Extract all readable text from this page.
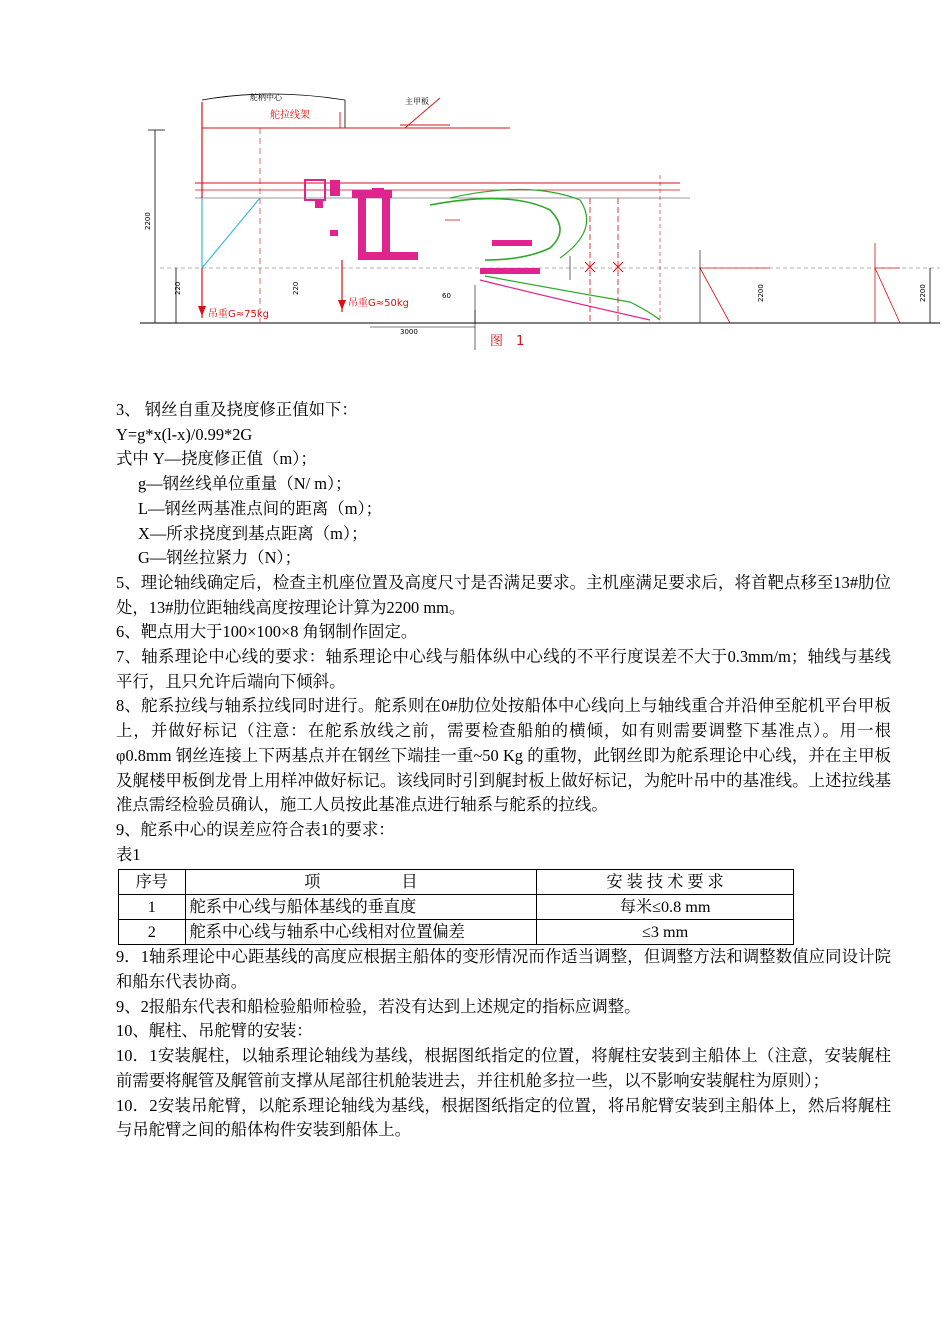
2200
吊重G≈75kg
220
舵柄中心
舵拉线架
主甲板
吊重G≈50kg
220	2200	2200
3000
60
图　1

3、 钢丝自重及挠度修正值如下：

Y=g*x(l-x)/0.99*2G

式中 Y—挠度修正值（m）；

g—钢丝线单位重量（N/ m）；

L—钢丝两基准点间的距离（m）；

X—所求挠度到基点距离（m）；

G—钢丝拉紧力（N）；

5、理论轴线确定后，检查主机座位置及高度尺寸是否满足要求。主机座满足要求后，将首靶点移至13#肋位处，13#肋位距轴线高度按理论计算为2200 mm。

6、靶点用大于100×100×8 角钢制作固定。

7、轴系理论中心线的要求：轴系理论中心线与船体纵中心线的不平行度误差不大于0.3mm/m；轴线与基线平行，且只允许后端向下倾斜。

8、舵系拉线与轴系拉线同时进行。舵系则在0#肋位处按船体中心线向上与轴线重合并沿伸至舵机平台甲板上，并做好标记（注意：在舵系放线之前，需要检查船舶的横倾，如有则需要调整下基准点）。用一根φ0.8mm 钢丝连接上下两基点并在钢丝下端挂一重~50 Kg 的重物，此钢丝即为舵系理论中心线，并在主甲板及艉楼甲板倒龙骨上用样冲做好标记。该线同时引到艉封板上做好标记，为舵叶吊中的基准线。上述拉线基准点需经检验员确认，施工人员按此基准点进行轴系与舵系的拉线。

9、舵系中心的误差应符合表1的要求：

表1

序号	项　　　　　目	安 装 技 术 要 求
1	舵系中心线与船体基线的垂直度	每米≤0.8 mm
2	舵系中心线与轴系中心线相对位置偏差	≤3 mm

9．1轴系理论中心距基线的高度应根据主船体的变形情况而作适当调整，但调整方法和调整数值应同设计院和船东代表协商。

9、2报船东代表和船检验船师检验，若没有达到上述规定的指标应调整。

10、艉柱、吊舵臂的安装：

10．1安装艉柱，以轴系理论轴线为基线，根据图纸指定的位置，将艉柱安装到主船体上（注意，安装艉柱前需要将艉管及艉管前支撑从尾部往机舱装进去，并往机舱多拉一些，以不影响安装艉柱为原则）；

10．2安装吊舵臂，以舵系理论轴线为基线，根据图纸指定的位置，将吊舵臂安装到主船体上，然后将艉柱与吊舵臂之间的船体构件安装到船体上。
